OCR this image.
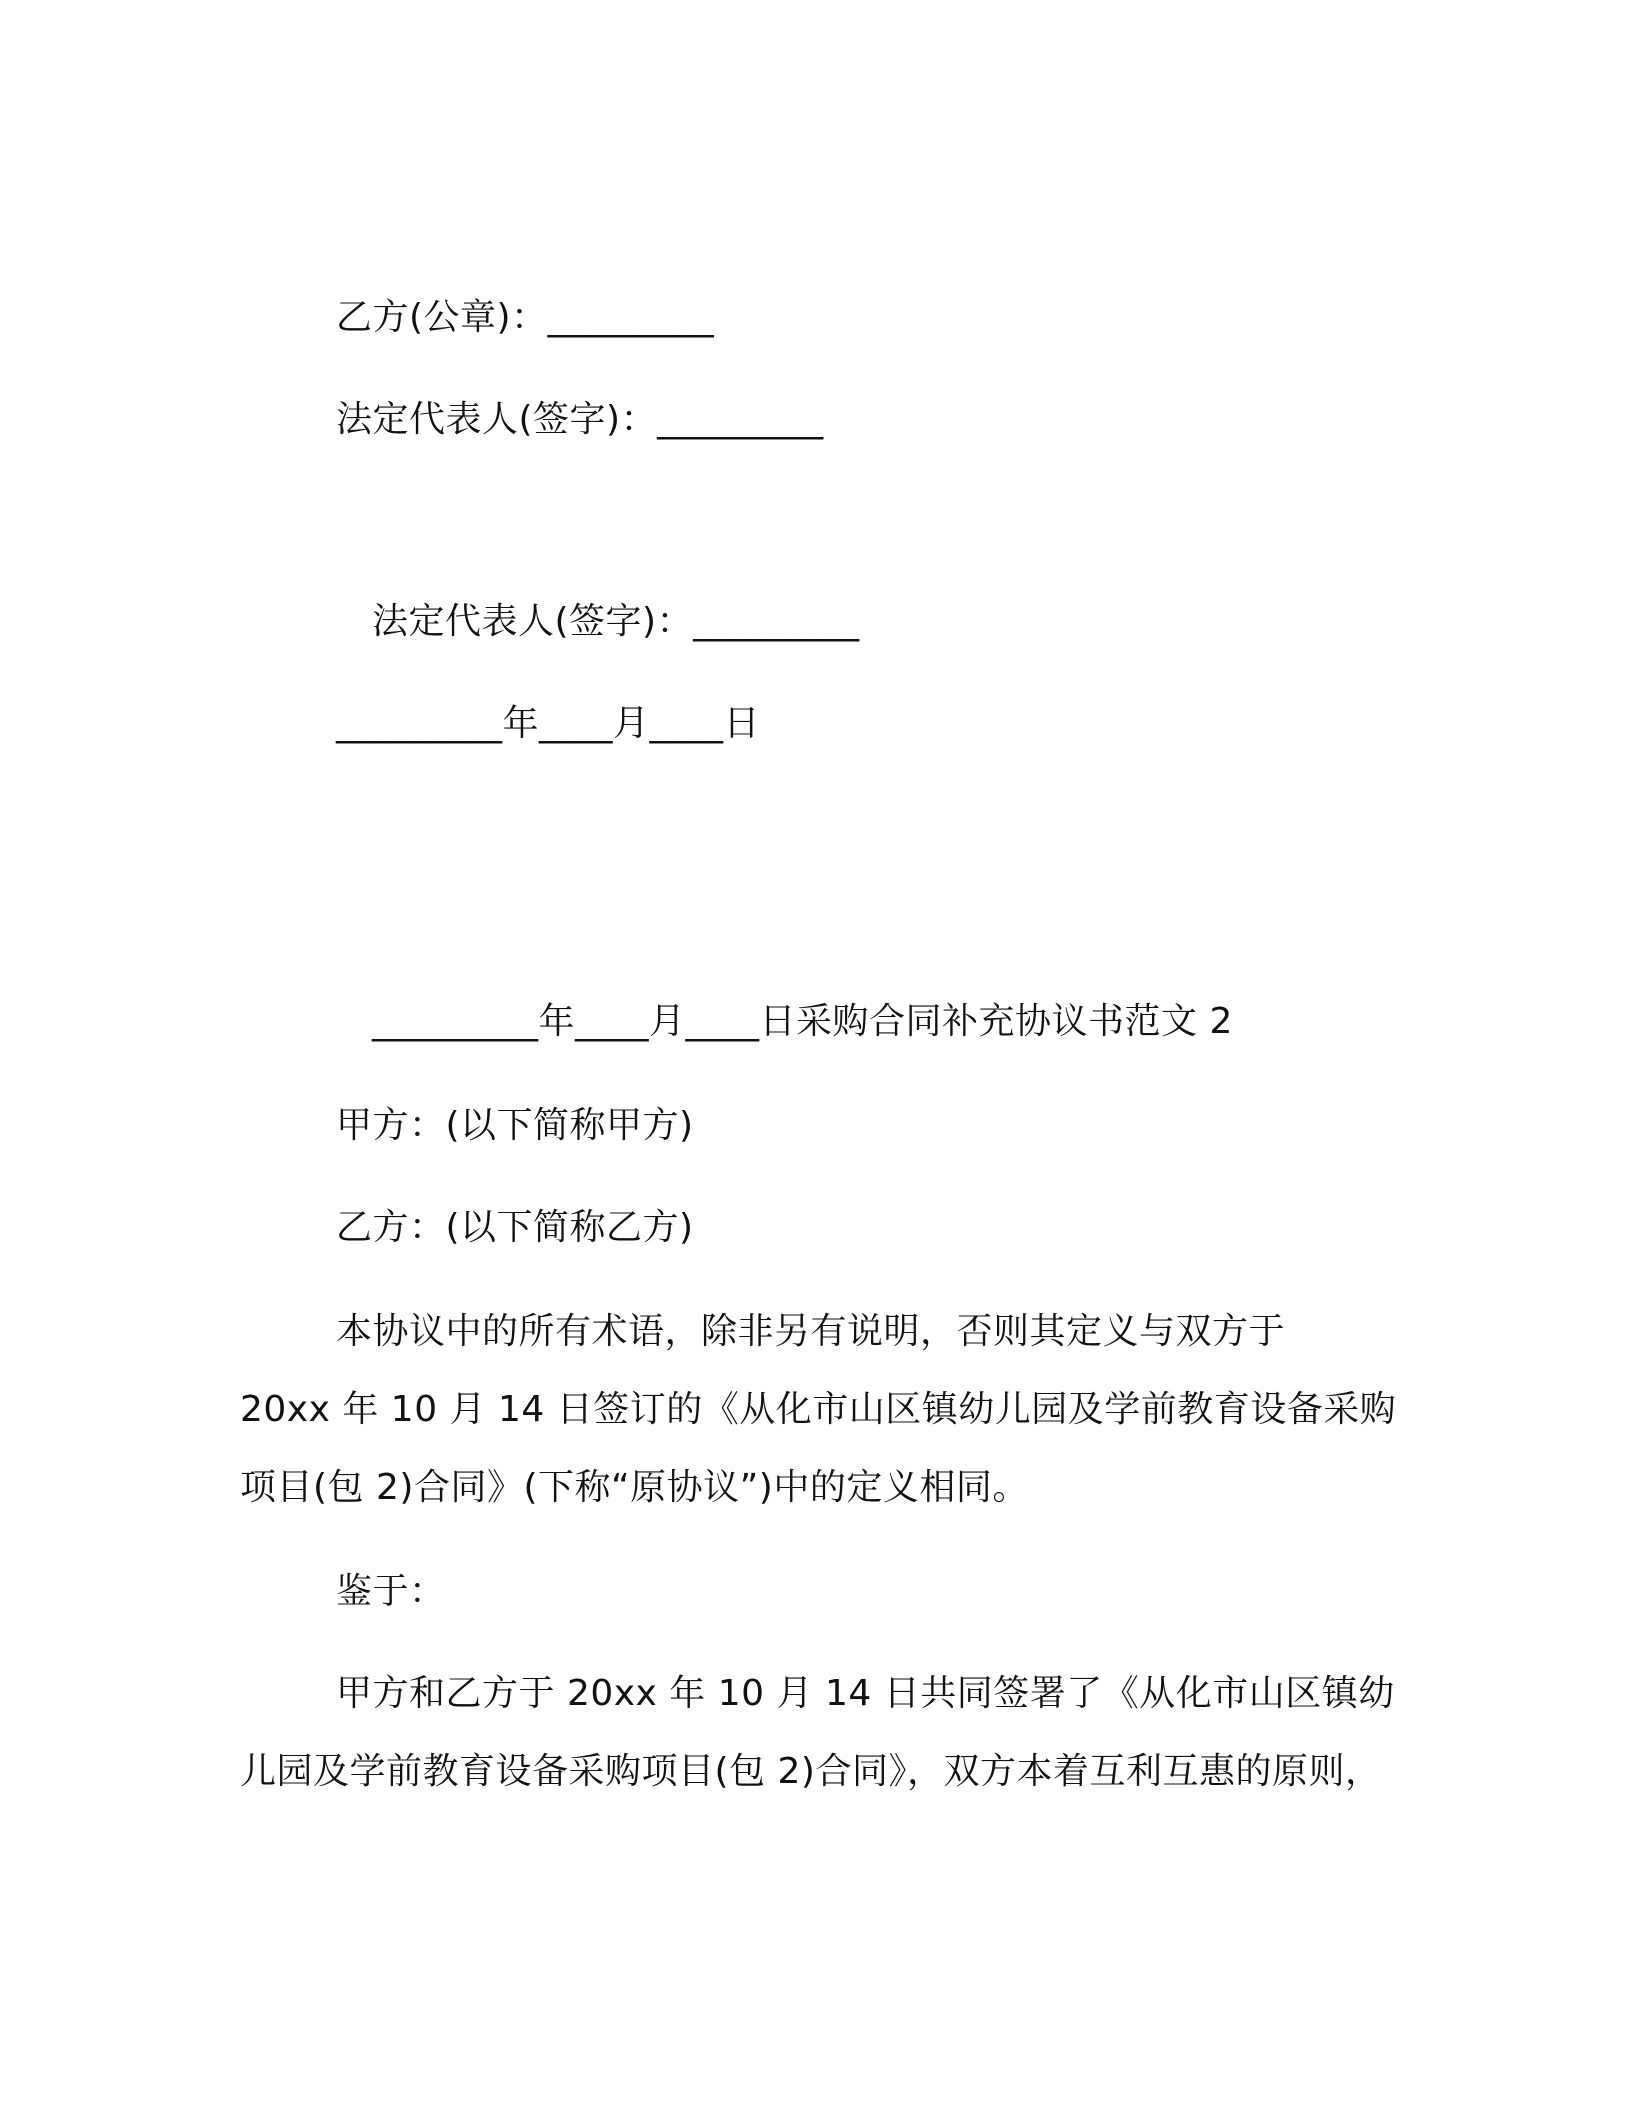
乙方(公章)：_________
法定代表人(签字)：_________
法定代表人(签字)：_________
_________年____月____日
_________年____月____日采购合同补充协议书范文 2
甲方：(以下简称甲方)
乙方：(以下简称乙方)
本协议中的所有术语，除非另有说明，否则其定义与双方于
20xx 年 10 月 14 日签订的《从化市山区镇幼儿园及学前教育设备采购
项目(包 2)合同》(下称“原协议”)中的定义相同。
鉴于：
甲方和乙方于 20xx 年 10 月 14 日共同签署了《从化市山区镇幼
儿园及学前教育设备采购项目(包 2)合同》，双方本着互利互惠的原则，
